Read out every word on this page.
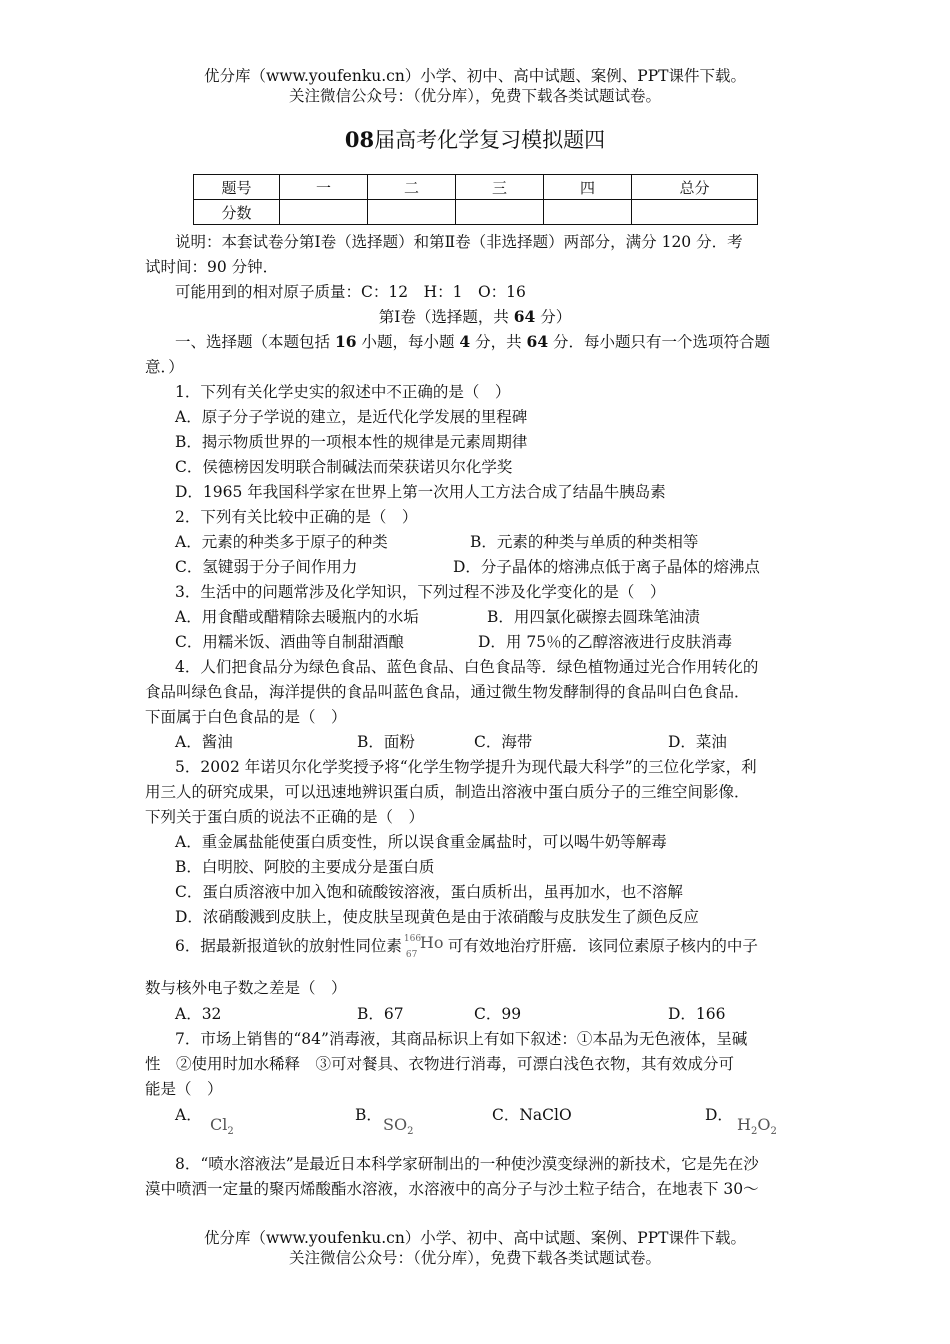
优分库（www.youfenku.cn）小学、初中、高中试题、案例、PPT课件下载。
关注微信公众号：（优分库），免费下载各类试题试卷。
08届高考化学复习模拟题四
题号	一	二	三	四	总分
分数					
说明：本套试卷分第Ⅰ卷（选择题）和第Ⅱ卷（非选择题）两部分，满分 120 分．考
试时间：90 分钟．
可能用到的相对原子质量：C：12　H：1　O：16
第Ⅰ卷（选择题，共 64 分）
一、选择题（本题包括 16 小题，每小题 4 分，共 64 分．每小题只有一个选项符合题
意．）
1．下列有关化学史实的叙述中不正确的是（　）
A．原子分子学说的建立，是近代化学发展的里程碑
B．揭示物质世界的一项根本性的规律是元素周期律
C．侯德榜因发明联合制碱法而荣获诺贝尔化学奖
D．1965 年我国科学家在世界上第一次用人工方法合成了结晶牛胰岛素
2．下列有关比较中正确的是（　）
A．元素的种类多于原子的种类	B．元素的种类与单质的种类相等
C．氢键弱于分子间作用力	D．分子晶体的熔沸点低于离子晶体的熔沸点
3．生活中的问题常涉及化学知识，下列过程不涉及化学变化的是（　）
A．用食醋或醋精除去暖瓶内的水垢	B．用四氯化碳擦去圆珠笔油渍
C．用糯米饭、酒曲等自制甜酒酿	D．用 75％的乙醇溶液进行皮肤消毒
4．人们把食品分为绿色食品、蓝色食品、白色食品等．绿色植物通过光合作用转化的
食品叫绿色食品，海洋提供的食品叫蓝色食品，通过微生物发酵制得的食品叫白色食品．
下面属于白色食品的是（　）
A．酱油	B．面粉	C．海带	D．菜油
5．2002 年诺贝尔化学奖授予将“化学生物学提升为现代最大科学”的三位化学家，利
用三人的研究成果，可以迅速地辨识蛋白质，制造出溶液中蛋白质分子的三维空间影像．
下列关于蛋白质的说法不正确的是（　）
A．重金属盐能使蛋白质变性，所以误食重金属盐时，可以喝牛奶等解毒
B．白明胶、阿胶的主要成分是蛋白质
C．蛋白质溶液中加入饱和硫酸铵溶液，蛋白质析出，虽再加水，也不溶解
D．浓硝酸溅到皮肤上，使皮肤呈现黄色是由于浓硝酸与皮肤发生了颜色反应
6．据最新报道钬的放射性同位素 166
67
Ho 可有效地治疗肝癌．该同位素原子核内的中子
数与核外电子数之差是（　）
A．32	B．67	C．99	D．166
7．市场上销售的“84”消毒液，其商品标识上有如下叙述：①本品为无色液体，呈碱
性　②使用时加水稀释　③可对餐具、衣物进行消毒，可漂白浅色衣物，其有效成分可
能是（　）
A． $Cl_2$
B． $SO_2$
C．NaClO	D． $H_2O_2$
8．“喷水溶液法”是最近日本科学家研制出的一种使沙漠变绿洲的新技术，它是先在沙
漠中喷洒一定量的聚丙烯酸酯水溶液，水溶液中的高分子与沙土粒子结合，在地表下 30～
优分库（www.youfenku.cn）小学、初中、高中试题、案例、PPT课件下载。
关注微信公众号：（优分库），免费下载各类试题试卷。
